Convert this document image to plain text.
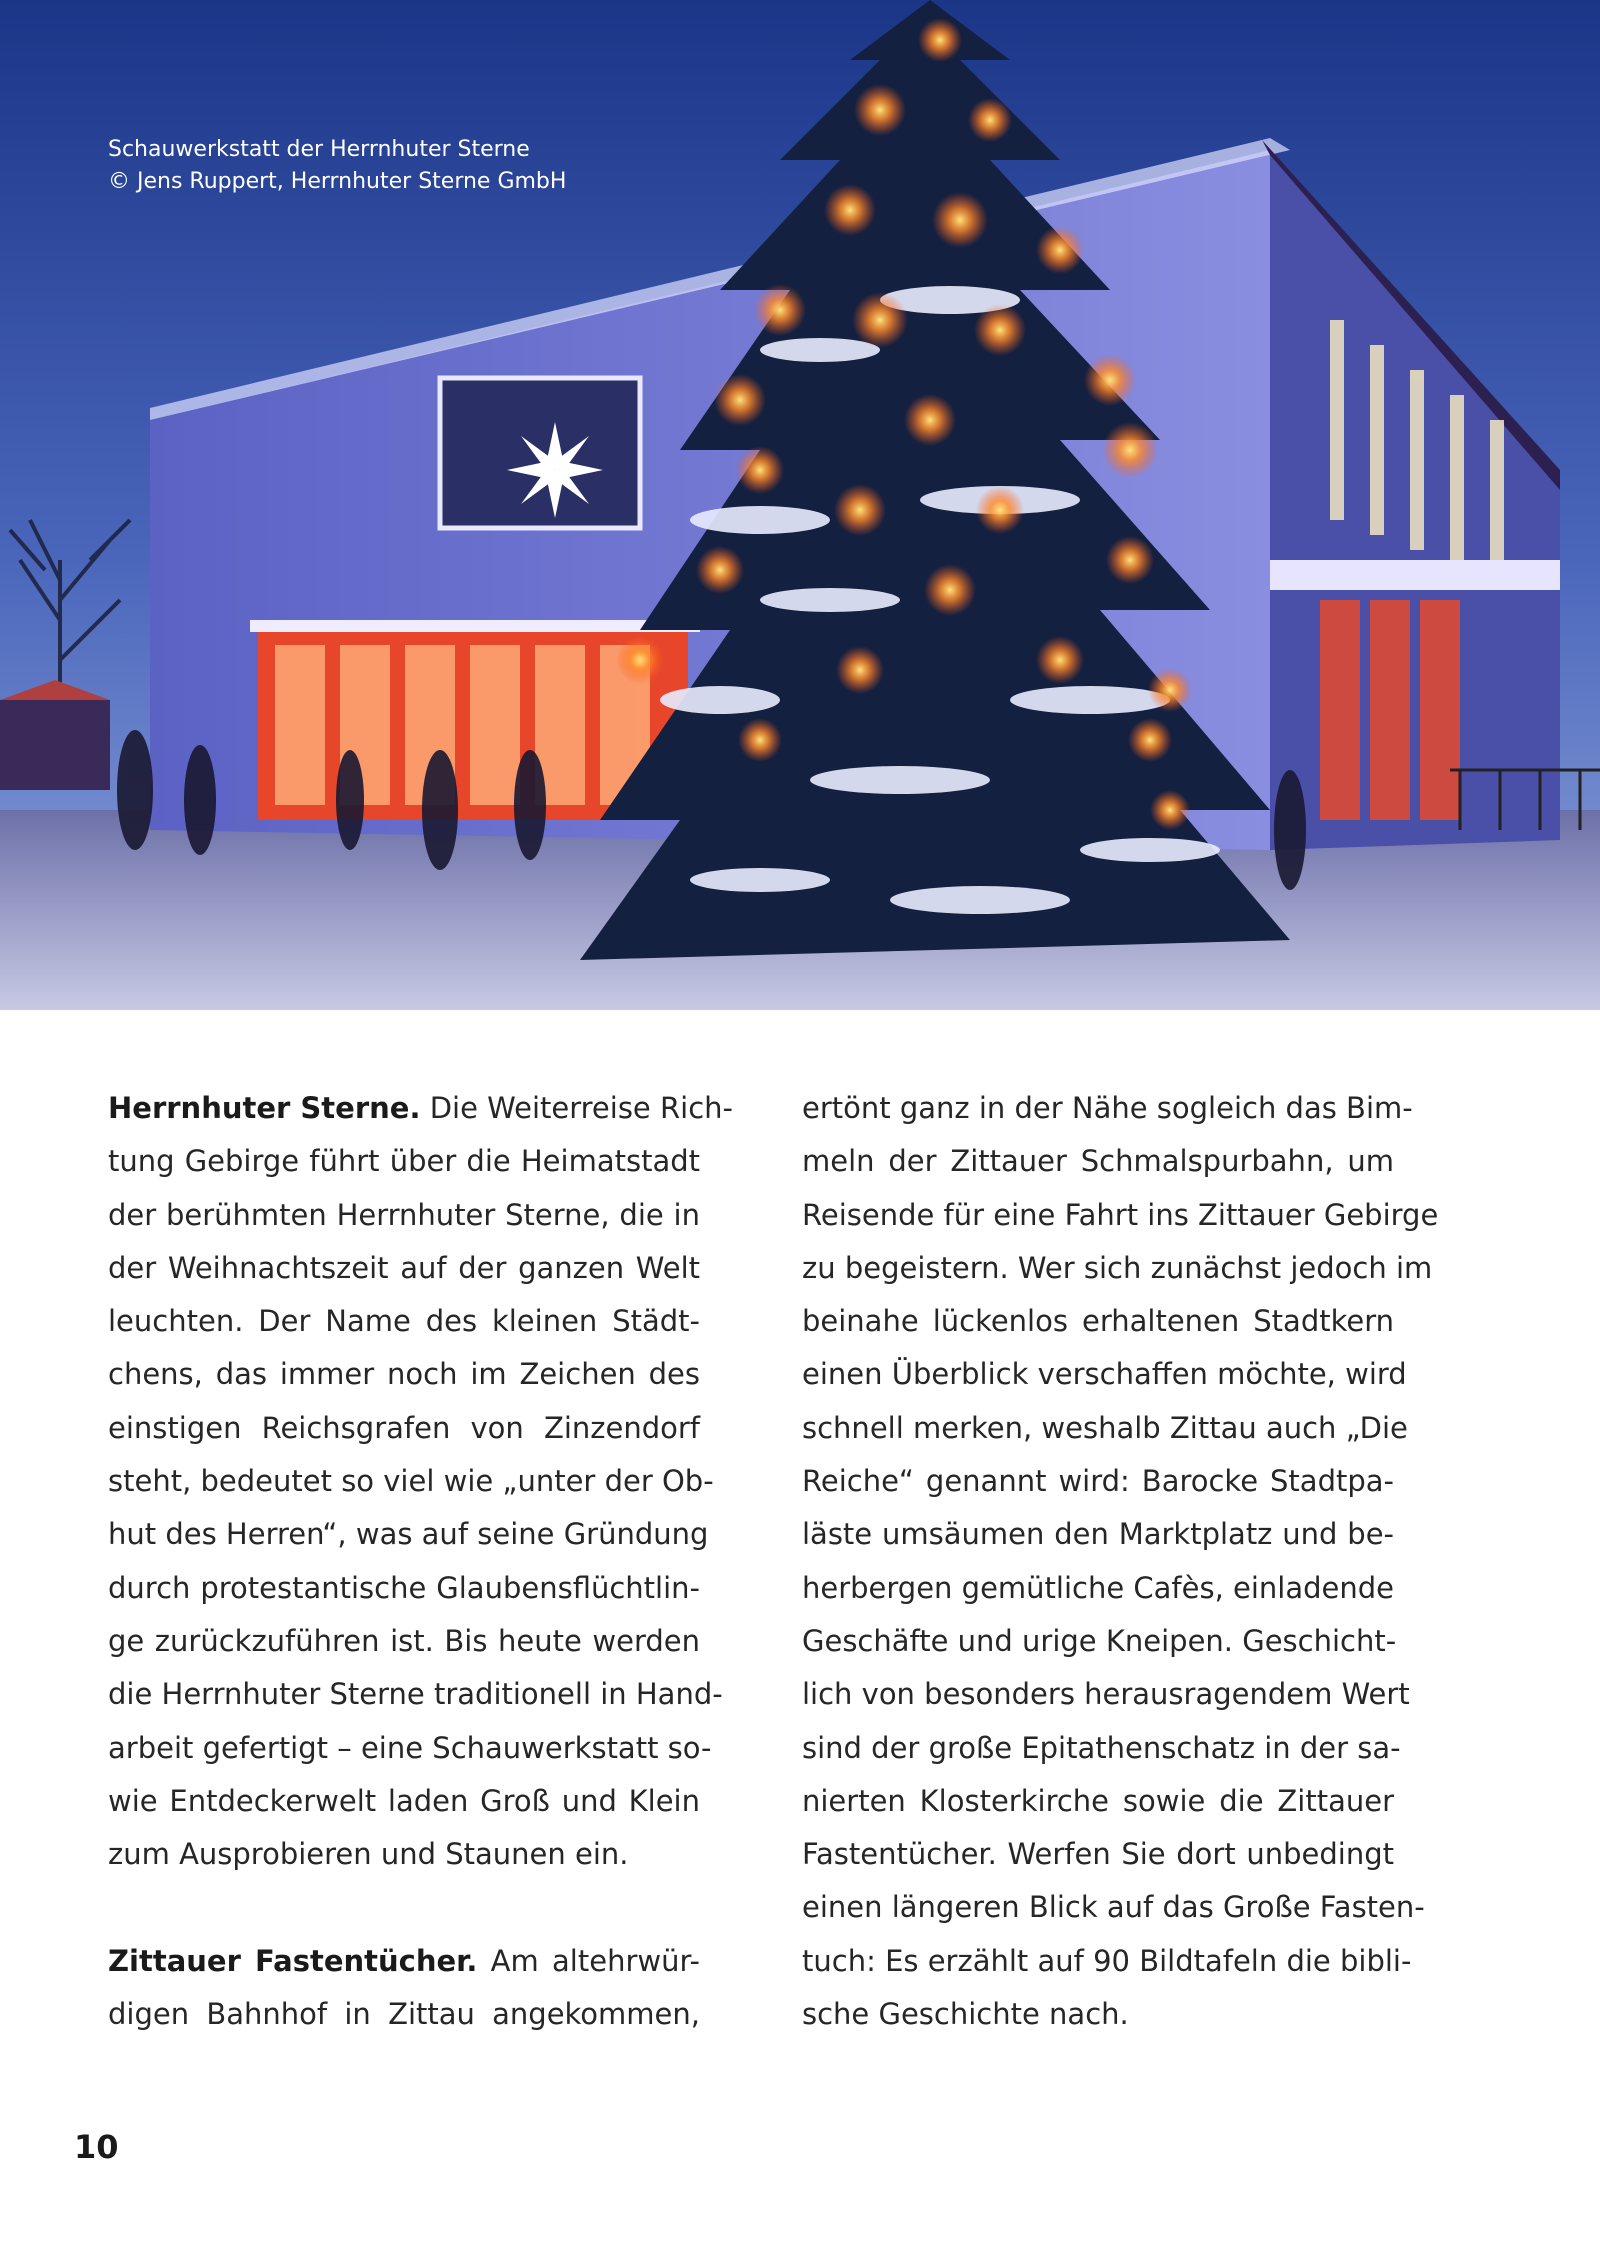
Schauwerkstatt der Herrnhuter Sterne
© Jens Ruppert, Herrnhuter Sterne GmbH
Herrnhuter Sterne. Die Weiterreise Rich-
tung Gebirge führt über die Heimatstadt
der berühmten Herrnhuter Sterne, die in
der Weihnachtszeit auf der ganzen Welt
leuchten. Der Name des kleinen Städt-
chens, das immer noch im Zeichen des
einstigen Reichsgrafen von Zinzendorf
steht, bedeutet so viel wie „unter der Ob-
hut des Herren“, was auf seine Gründung
durch protestantische Glaubensflüchtlin-
ge zurückzuführen ist. Bis heute werden
die Herrnhuter Sterne traditionell in Hand-
arbeit gefertigt – eine Schauwerkstatt so-
wie Entdeckerwelt laden Groß und Klein
zum Ausprobieren und Staunen ein.
Zittauer Fastentücher. Am altehrwür-
digen Bahnhof in Zittau angekommen,
ertönt ganz in der Nähe sogleich das Bim-
meln der Zittauer Schmalspurbahn, um
Reisende für eine Fahrt ins Zittauer Gebirge
zu begeistern. Wer sich zunächst jedoch im
beinahe lückenlos erhaltenen Stadtkern
einen Überblick verschaffen möchte, wird
schnell merken, weshalb Zittau auch „Die
Reiche“ genannt wird: Barocke Stadtpa-
läste umsäumen den Marktplatz und be-
herbergen gemütliche Cafès, einladende
Geschäfte und urige Kneipen. Geschicht-
lich von besonders herausragendem Wert
sind der große Epitathenschatz in der sa-
nierten Klosterkirche sowie die Zittauer
Fastentücher. Werfen Sie dort unbedingt
einen längeren Blick auf das Große Fasten-
tuch: Es erzählt auf 90 Bildtafeln die bibli-
sche Geschichte nach.
10
